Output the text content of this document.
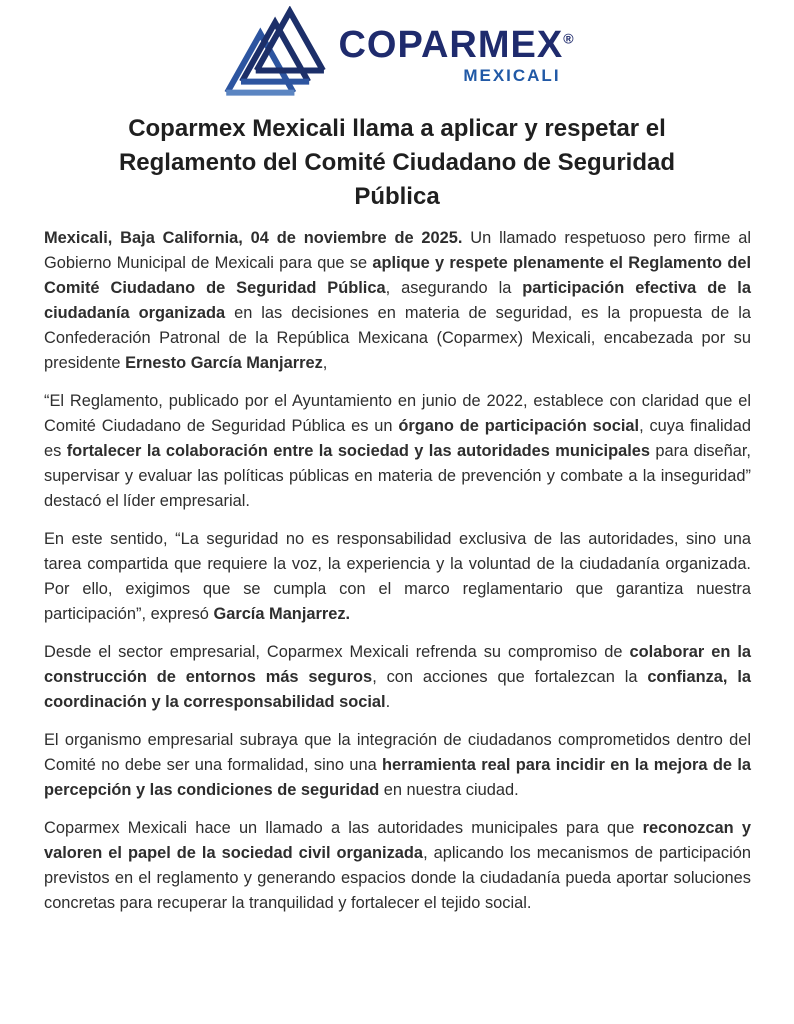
COPARMEX®
MEXICALI
Coparmex Mexicali llama a aplicar y respetar el Reglamento del Comité Ciudadano de Seguridad Pública

Mexicali, Baja California, 04 de noviembre de 2025. Un llamado respetuoso pero firme al Gobierno Municipal de Mexicali para que se aplique y respete plenamente el Reglamento del Comité Ciudadano de Seguridad Pública, asegurando la participación efectiva de la ciudadanía organizada en las decisiones en materia de seguridad, es la propuesta de la Confederación Patronal de la República Mexicana (Coparmex) Mexicali, encabezada por su presidente Ernesto García Manjarrez,

“El Reglamento, publicado por el Ayuntamiento en junio de 2022, establece con claridad que el Comité Ciudadano de Seguridad Pública es un órgano de participación social, cuya finalidad es fortalecer la colaboración entre la sociedad y las autoridades municipales para diseñar, supervisar y evaluar las políticas públicas en materia de prevención y combate a la inseguridad” destacó el líder empresarial.

En este sentido, “La seguridad no es responsabilidad exclusiva de las autoridades, sino una tarea compartida que requiere la voz, la experiencia y la voluntad de la ciudadanía organizada. Por ello, exigimos que se cumpla con el marco reglamentario que garantiza nuestra participación”, expresó García Manjarrez.

Desde el sector empresarial, Coparmex Mexicali refrenda su compromiso de colaborar en la construcción de entornos más seguros, con acciones que fortalezcan la confianza, la coordinación y la corresponsabilidad social.

El organismo empresarial subraya que la integración de ciudadanos comprometidos dentro del Comité no debe ser una formalidad, sino una herramienta real para incidir en la mejora de la percepción y las condiciones de seguridad en nuestra ciudad.

Coparmex Mexicali hace un llamado a las autoridades municipales para que reconozcan y valoren el papel de la sociedad civil organizada, aplicando los mecanismos de participación previstos en el reglamento y generando espacios donde la ciudadanía pueda aportar soluciones concretas para recuperar la tranquilidad y fortalecer el tejido social.
